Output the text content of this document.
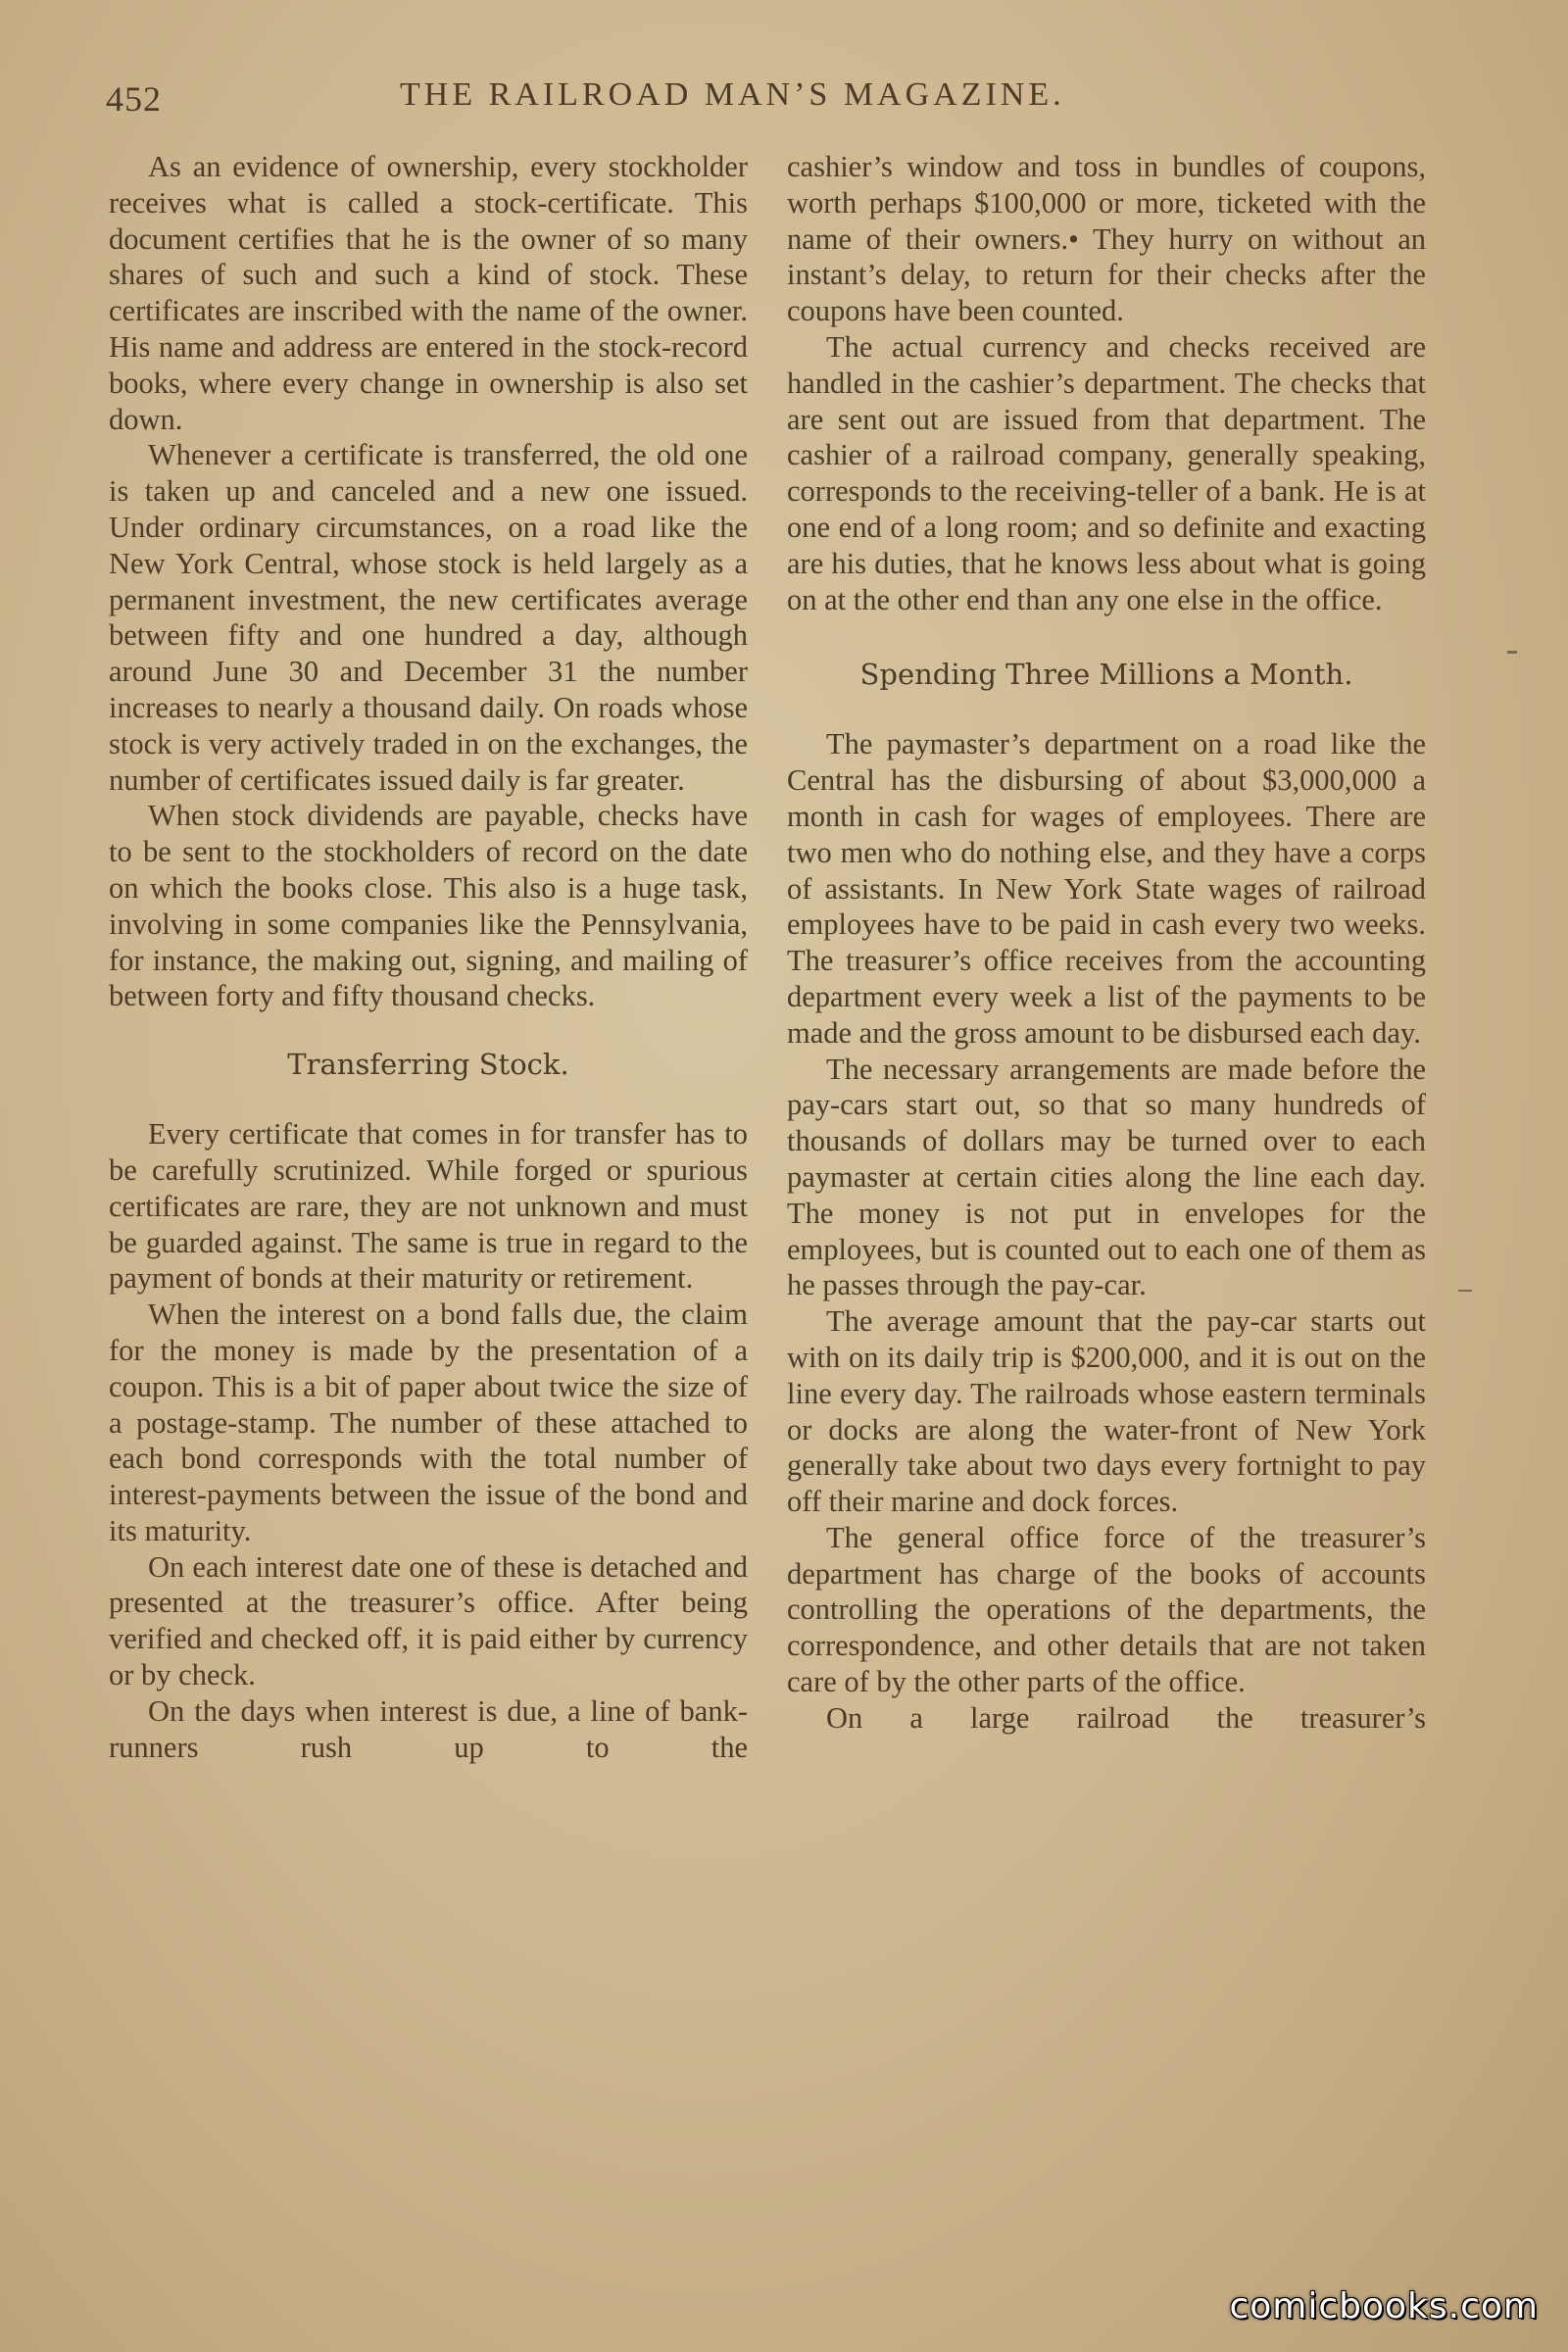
452	THE RAILROAD MAN’S MAGAZINE.

As an evidence of ownership, every stockholder receives what is called a stock-certificate. This document certifies that he is the owner of so many shares of such and such a kind of stock. These certificates are inscribed with the name of the owner. His name and address are entered in the stock-record books, where every change in ownership is also set down.

Whenever a certificate is transferred, the old one is taken up and canceled and a new one issued. Under ordinary circumstances, on a road like the New York Central, whose stock is held largely as a permanent investment, the new certificates average between fifty and one hundred a day, although around June 30 and December 31 the number increases to nearly a thousand daily. On roads whose stock is very actively traded in on the exchanges, the number of certificates issued daily is far greater.

When stock dividends are payable, checks have to be sent to the stockholders of record on the date on which the books close. This also is a huge task, involving in some companies like the Pennsylvania, for instance, the making out, signing, and mailing of between forty and fifty thousand checks.

Transferring Stock.

Every certificate that comes in for transfer has to be carefully scrutinized. While forged or spurious certificates are rare, they are not unknown and must be guarded against. The same is true in regard to the payment of bonds at their maturity or retirement.

When the interest on a bond falls due, the claim for the money is made by the presentation of a coupon. This is a bit of paper about twice the size of a postage-stamp. The number of these attached to each bond corresponds with the total number of interest-payments between the issue of the bond and its maturity.

On each interest date one of these is detached and presented at the treasurer’s office. After being verified and checked off, it is paid either by currency or by check.

On the days when interest is due, a line of bank-runners rush up to the

cashier’s window and toss in bundles of coupons, worth perhaps $100,000 or more, ticketed with the name of their owners.• They hurry on without an instant’s delay, to return for their checks after the coupons have been counted.

The actual currency and checks received are handled in the cashier’s department. The checks that are sent out are issued from that department. The cashier of a railroad company, generally speaking, corresponds to the receiving-teller of a bank. He is at one end of a long room; and so definite and exacting are his duties, that he knows less about what is going on at the other end than any one else in the office.

Spending Three Millions a Month.

The paymaster’s department on a road like the Central has the disbursing of about $3,000,000 a month in cash for wages of employees. There are two men who do nothing else, and they have a corps of assistants. In New York State wages of railroad employees have to be paid in cash every two weeks. The treasurer’s office receives from the accounting department every week a list of the payments to be made and the gross amount to be disbursed each day.

The necessary arrangements are made before the pay-cars start out, so that so many hundreds of thousands of dollars may be turned over to each paymaster at certain cities along the line each day. The money is not put in envelopes for the employees, but is counted out to each one of them as he passes through the pay-car.

The average amount that the pay-car starts out with on its daily trip is $200,000, and it is out on the line every day. The railroads whose eastern terminals or docks are along the water-front of New York generally take about two days every fortnight to pay off their marine and dock forces.

The general office force of the treasurer’s department has charge of the books of accounts controlling the operations of the departments, the correspondence, and other details that are not taken care of by the other parts of the office.

On a large railroad the treasurer’s

comicbooks.com
